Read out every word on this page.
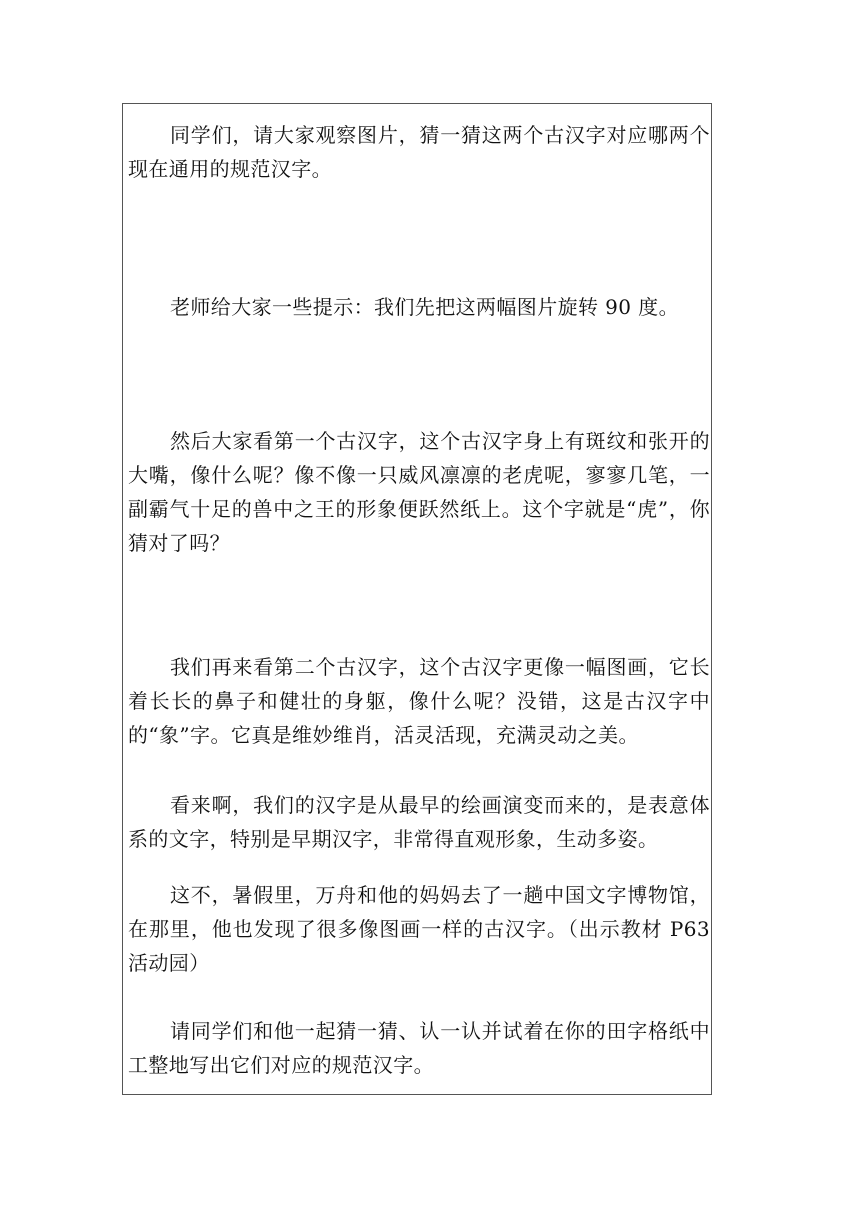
同学们，请大家观察图片，猜一猜这两个古汉字对应哪两个现在通用的规范汉字。

老师给大家一些提示：我们先把这两幅图片旋转 90 度。

然后大家看第一个古汉字，这个古汉字身上有斑纹和张开的大嘴，像什么呢？像不像一只威风凛凛的老虎呢，寥寥几笔，一副霸气十足的兽中之王的形象便跃然纸上。这个字就是“虎”，你猜对了吗？

我们再来看第二个古汉字，这个古汉字更像一幅图画，它长着长长的鼻子和健壮的身躯，像什么呢？没错，这是古汉字中的“象”字。它真是维妙维肖，活灵活现，充满灵动之美。

看来啊，我们的汉字是从最早的绘画演变而来的，是表意体系的文字，特别是早期汉字，非常得直观形象，生动多姿。

这不，暑假里，万舟和他的妈妈去了一趟中国文字博物馆，在那里，他也发现了很多像图画一样的古汉字。（出示教材 P63 活动园）

请同学们和他一起猜一猜、认一认并试着在你的田字格纸中工整地写出它们对应的规范汉字。
